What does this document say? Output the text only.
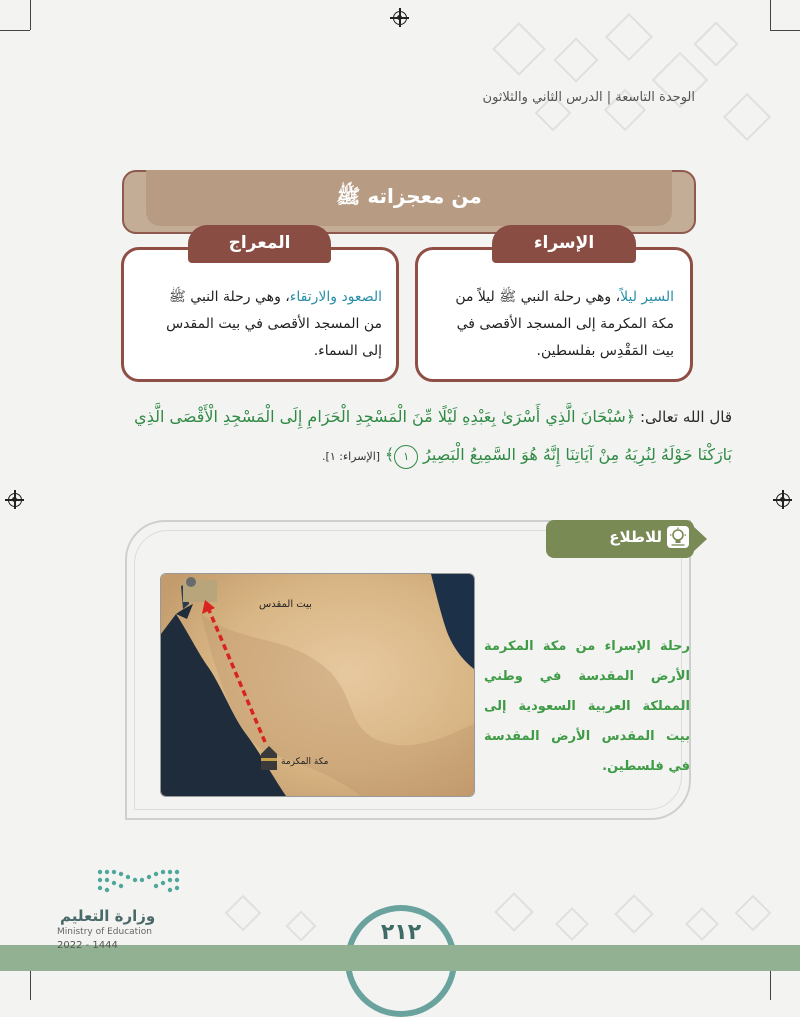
الوحدة التاسعة | الدرس الثاني والثلاثون
من معجزاته ﷺ
السير ليلاً، وهي رحلة النبي ﷺ ليلاً من
مكة المكرمة إلى المسجد الأقصى في
بيت المَقْدِس بفلسطين.
الإسراء
الصعود والارتقاء، وهي رحلة النبي ﷺ
من المسجد الأقصى في بيت المقدس
إلى السماء.
المعراج
قال الله تعالى: ﴿سُبْحَانَ الَّذِي أَسْرَىٰ بِعَبْدِهِ لَيْلًا مِّنَ الْمَسْجِدِ الْحَرَامِ إِلَى الْمَسْجِدِ الْأَقْصَى الَّذِي
بَارَكْنَا حَوْلَهُ لِنُرِيَهُ مِنْ آيَاتِنَا إِنَّهُ هُوَ السَّمِيعُ الْبَصِيرُ ١﴾ [الإسراء: ١].
للاطلاع
بيت المقدس
مكة المكرمة
رحلة الإسراء من مكة المكرمة الأرض المقدسة في وطني المملكة العربية السعودية إلى بيت المقدس الأرض المقدسة في فلسطين.
٢١٢
وزارة التعليم
Ministry of Education
2022 - 1444
